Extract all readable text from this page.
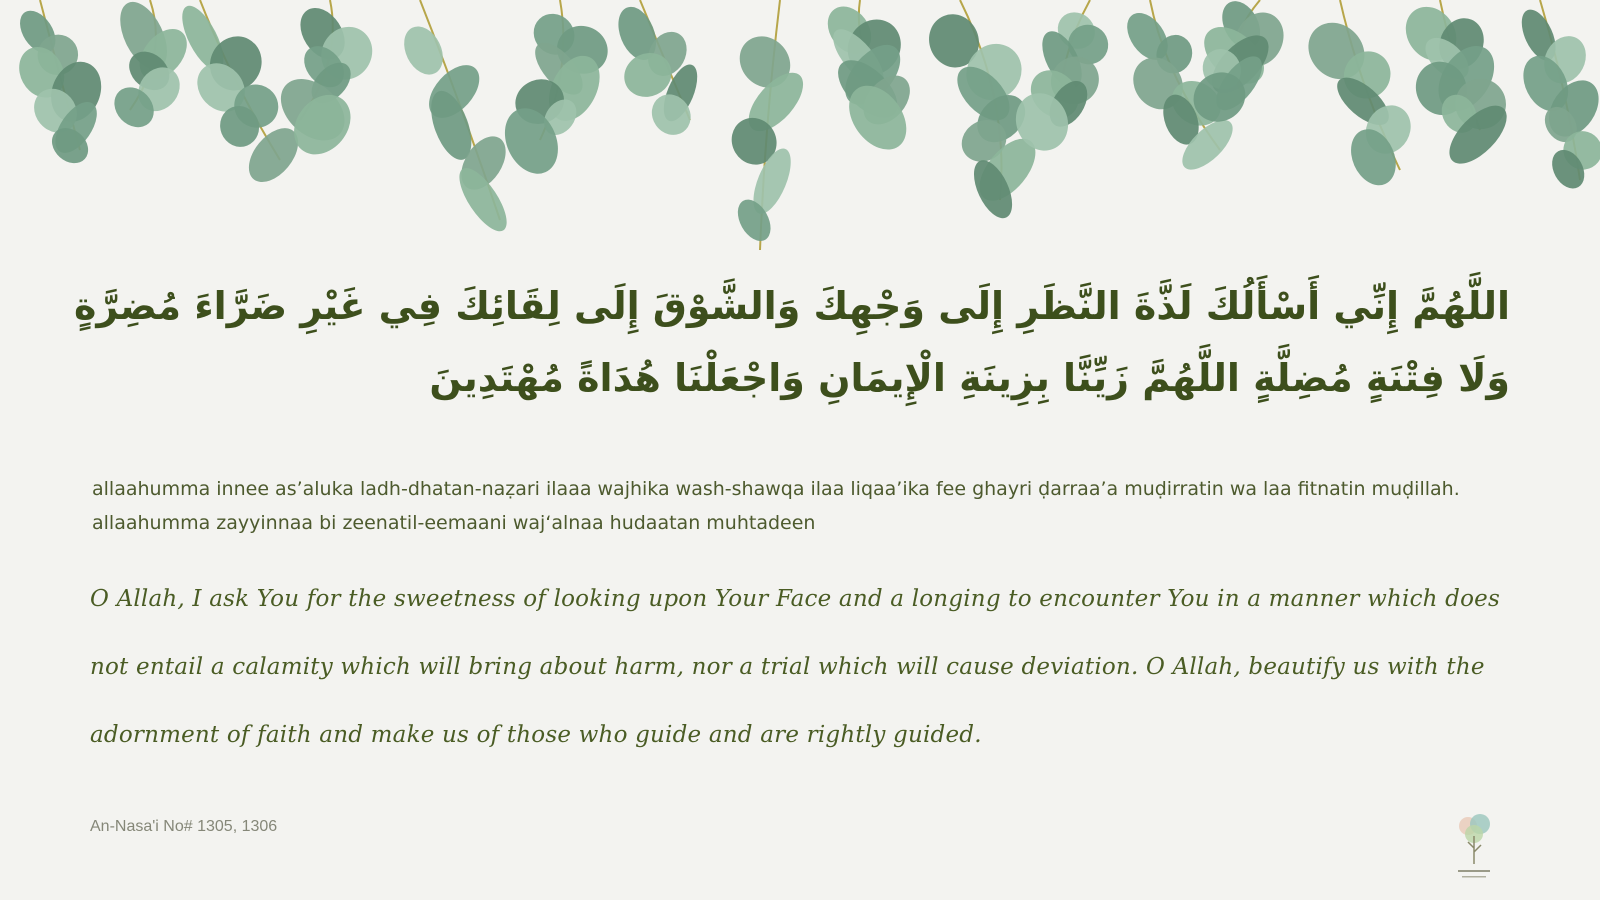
اللَّهُمَّ إِنِّي أَسْأَلُكَ لَذَّةَ النَّظَرِ إِلَى وَجْهِكَ وَالشَّوْقَ إِلَى لِقَائِكَ فِي غَيْرِ ضَرَّاءَ مُضِرَّةٍ
وَلَا فِتْنَةٍ مُضِلَّةٍ اللَّهُمَّ زَيِّنَّا بِزِينَةِ الْإِيمَانِ وَاجْعَلْنَا هُدَاةً مُهْتَدِينَ
allaahumma innee as’aluka ladh-dhatan-naẓari ilaaa wajhika wash-shawqa ilaa liqaa’ika fee ghayri ḍarraa’a muḍirratin wa laa fitnatin muḍillah. allaahumma zayyinnaa bi zeenatil-eemaani waj‘alnaa hudaatan muhtadeen
O Allah, I ask You for the sweetness of looking upon Your Face and a longing to encounter You in a manner which does not entail a calamity which will bring about harm, nor a trial which will cause deviation. O Allah, beautify us with the adornment of faith and make us of those who guide and are rightly guided.
An-Nasa'i No# 1305, 1306
